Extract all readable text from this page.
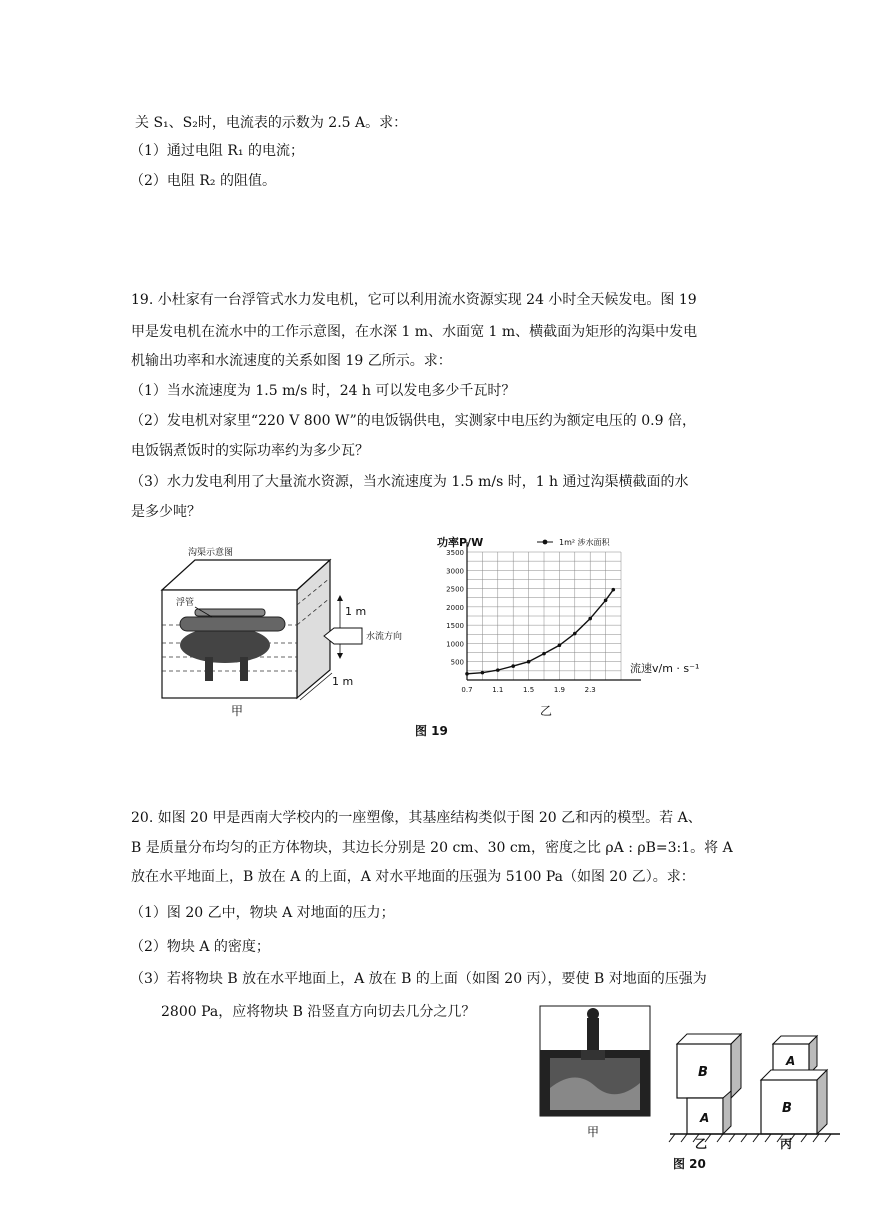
关 S₁、S₂时，电流表的示数为 2.5 A。求：
（1）通过电阻 R₁ 的电流；
（2）电阻 R₂ 的阻值。
19. 小杜家有一台浮管式水力发电机，它可以利用流水资源实现 24 小时全天候发电。图 19
甲是发电机在流水中的工作示意图，在水深 1 m、水面宽 1 m、横截面为矩形的沟渠中发电
机输出功率和水流速度的关系如图 19 乙所示。求：
（1）当水流速度为 1.5 m/s 时，24 h 可以发电多少千瓦时？
（2）发电机对家里“220 V 800 W”的电饭锅供电，实测家中电压约为额定电压的 0.9 倍，
电饭锅煮饭时的实际功率约为多少瓦？
（3）水力发电利用了大量流水资源，当水流速度为 1.5 m/s 时，1 h 通过沟渠横截面的水
是多少吨？
沟渠示意图
浮管
1 m
水流方向
1 m
甲
功率P/W	1m² 涉水面积
流速v/m · s⁻¹
0.7	1.1	1.5	1.9	2.3
500
1000
1500
2000
2500
3000
3500
乙
图 19
20. 如图 20 甲是西南大学校内的一座塑像，其基座结构类似于图 20 乙和丙的模型。若 A、
B 是质量分布均匀的正方体物块，其边长分别是 20 cm、30 cm，密度之比 ρA : ρB=3:1。将 A
放在水平地面上，B 放在 A 的上面，A 对水平地面的压强为 5100 Pa（如图 20 乙）。求：
（1）图 20 乙中，物块 A 对地面的压力；
（2）物块 A 的密度；
（3）若将物块 B 放在水平地面上，A 放在 B 的上面（如图 20 丙），要使 B 对地面的压强为
2800 Pa，应将物块 B 沿竖直方向切去几分之几？
甲
B
A
A
B
乙	丙
图 20
